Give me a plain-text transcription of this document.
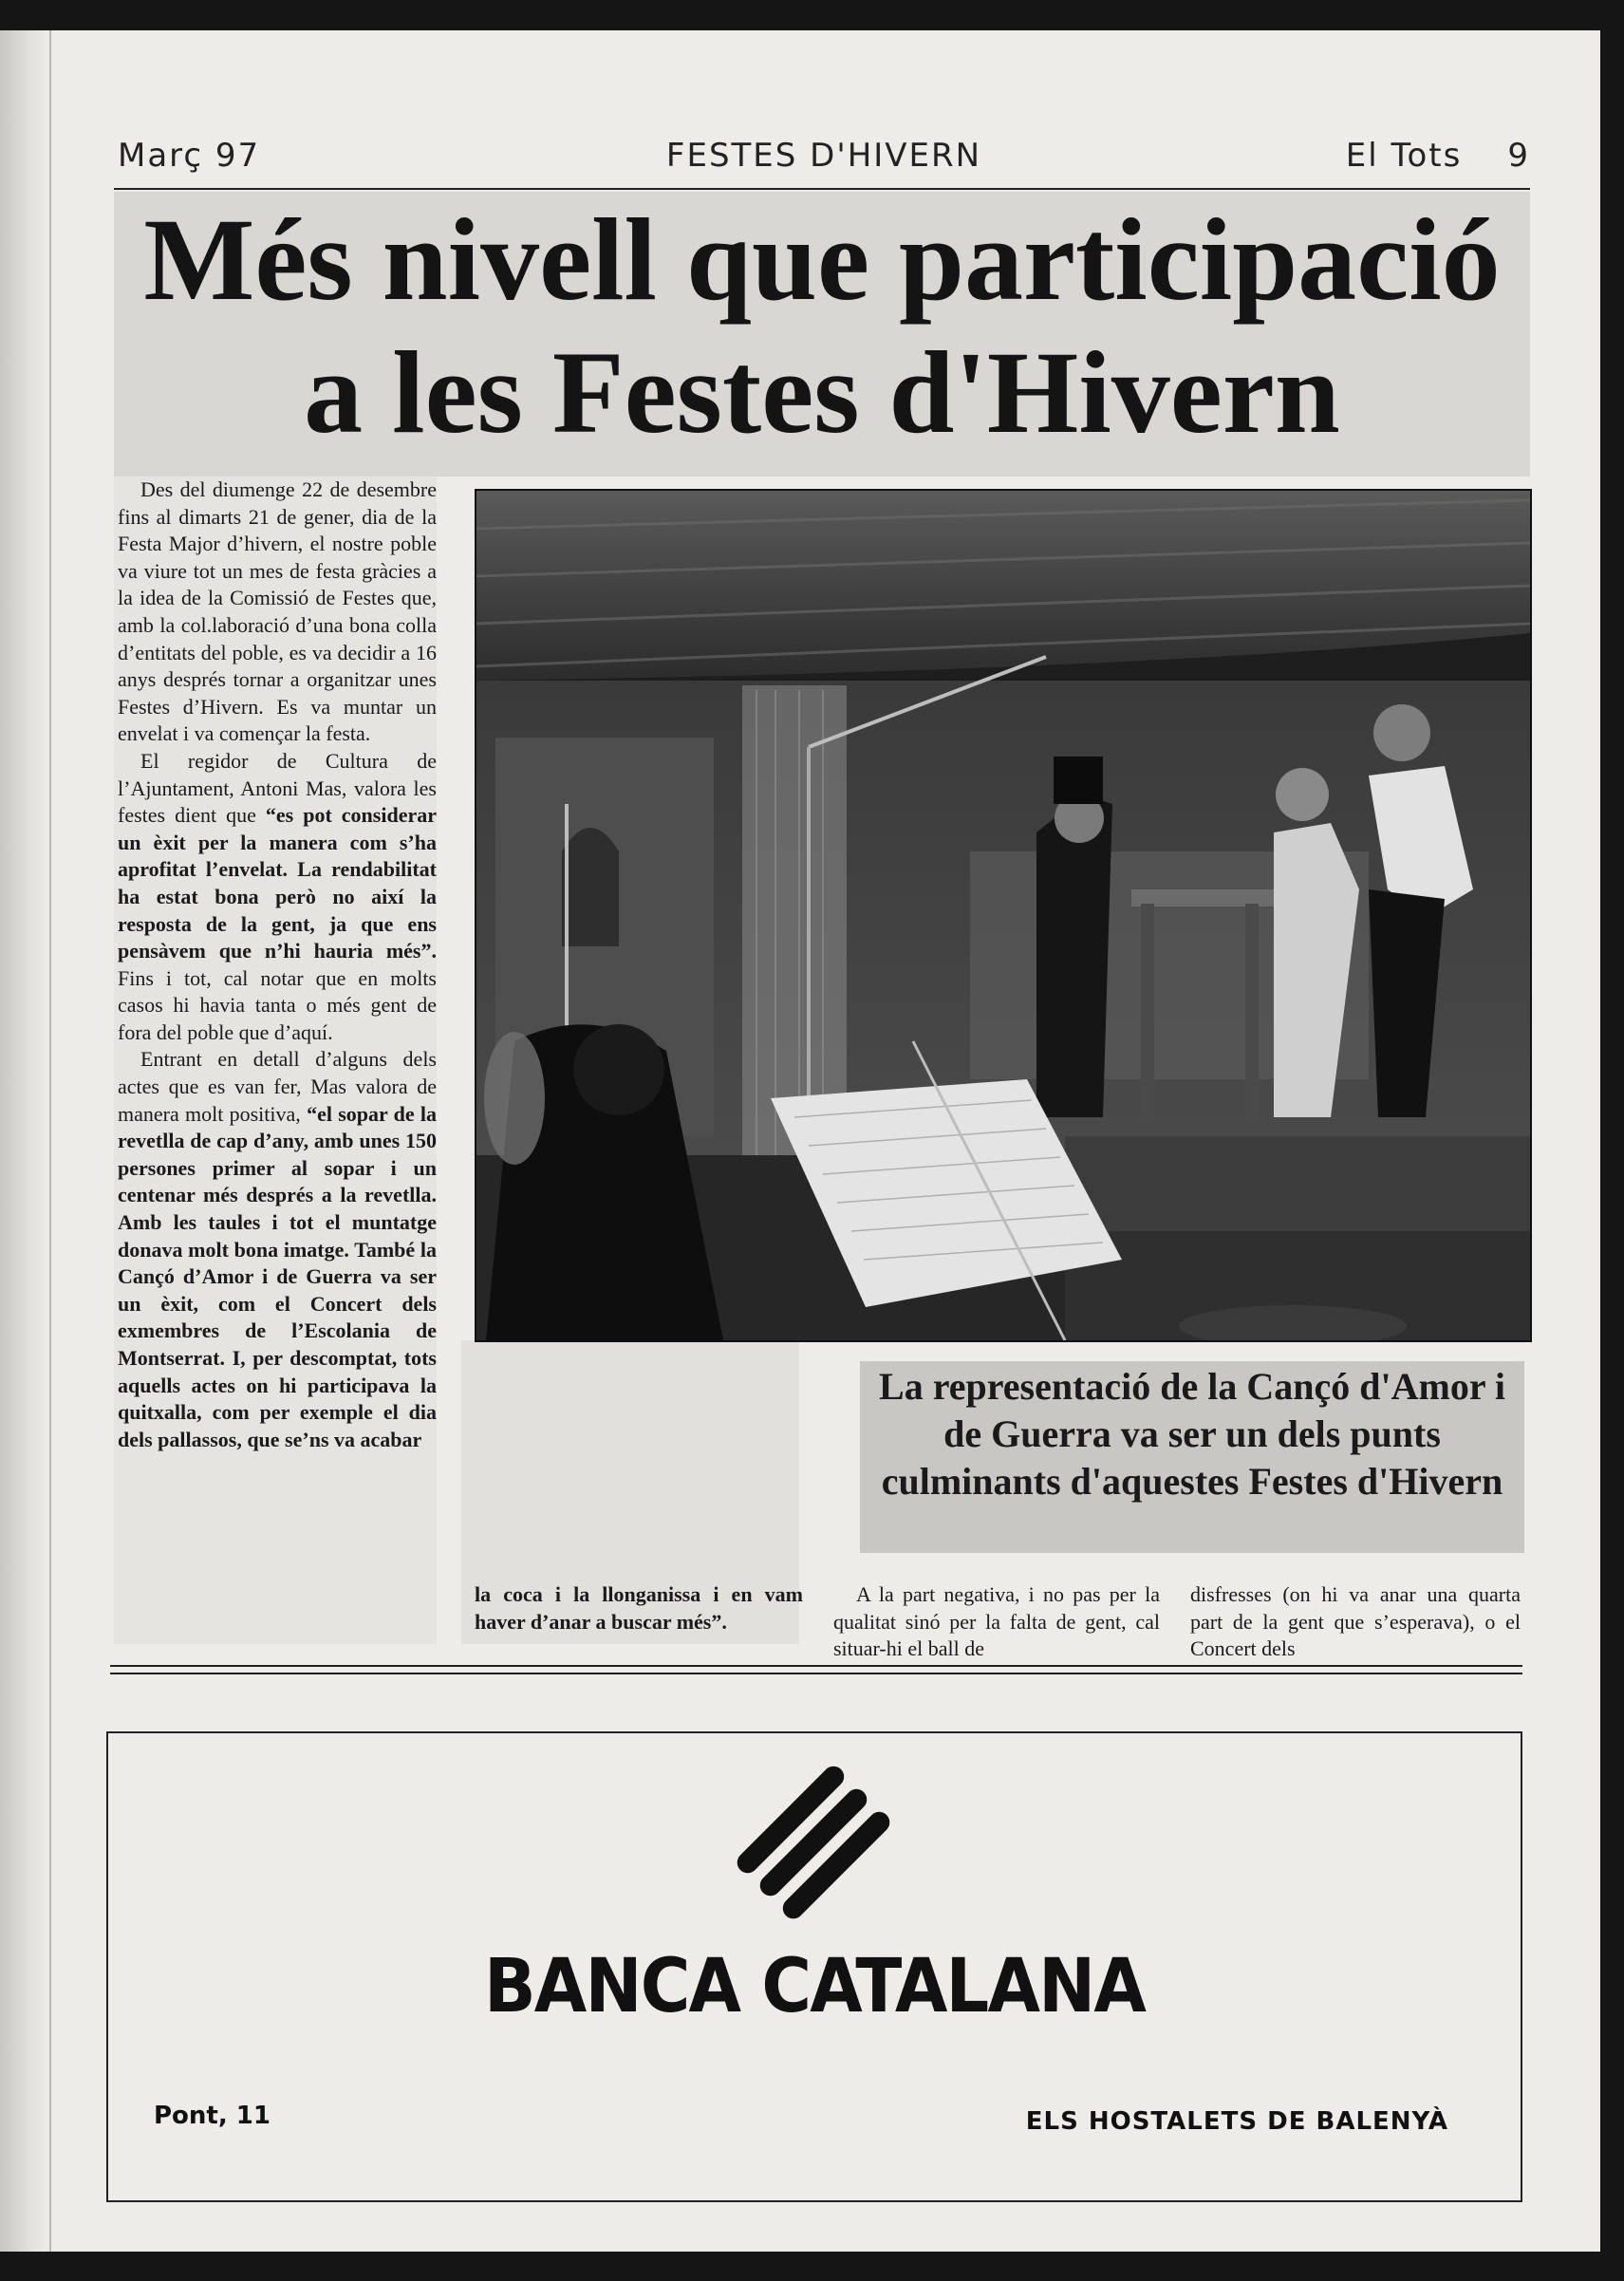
Març 97	FESTES D'HIVERN	El Tots 9
Més nivell que participació
a les Festes d'Hivern

Des del diumenge 22 de desembre fins al dimarts 21 de gener, dia de la Festa Major d’hivern, el nostre poble va viure tot un mes de festa gràcies a la idea de la Comissió de Festes que, amb la col.laboració d’una bona colla d’entitats del poble, es va decidir a 16 anys després tornar a organitzar unes Festes d’Hivern. Es va muntar un envelat i va començar la festa.

El regidor de Cultura de l’Ajuntament, Antoni Mas, valora les festes dient que “es pot considerar un èxit per la manera com s’ha aprofitat l’envelat. La rendabilitat ha estat bona però no així la resposta de la gent, ja que ens pensàvem que n’hi hauria més”. Fins i tot, cal notar que en molts casos hi havia tanta o més gent de fora del poble que d’aquí.

Entrant en detall d’alguns dels actes que es van fer, Mas valora de manera molt positiva, “el sopar de la revetlla de cap d’any, amb unes 150 persones primer al sopar i un centenar més després a la revetlla. Amb les taules i tot el muntatge donava molt bona imatge. També la Cançó d’Amor i de Guerra va ser un èxit, com el Concert dels exmembres de l’Escolania de Montserrat. I, per descomptat, tots aquells actes on hi participava la quitxalla, com per exemple el dia dels pallassos, que se’ns va acabar

La representació de la Cançó d'Amor i de Guerra va ser un dels punts culminants d'aquestes Festes d'Hivern

la coca i la llonganissa i en vam haver d’anar a buscar més”.

A la part negativa, i no pas per la qualitat sinó per la falta de gent, cal situar-hi el ball de

disfresses (on hi va anar una quarta part de la gent que s’esperava), o el Concert dels

BANCA CATALANA
Pont, 11	ELS HOSTALETS DE BALENYÀ
